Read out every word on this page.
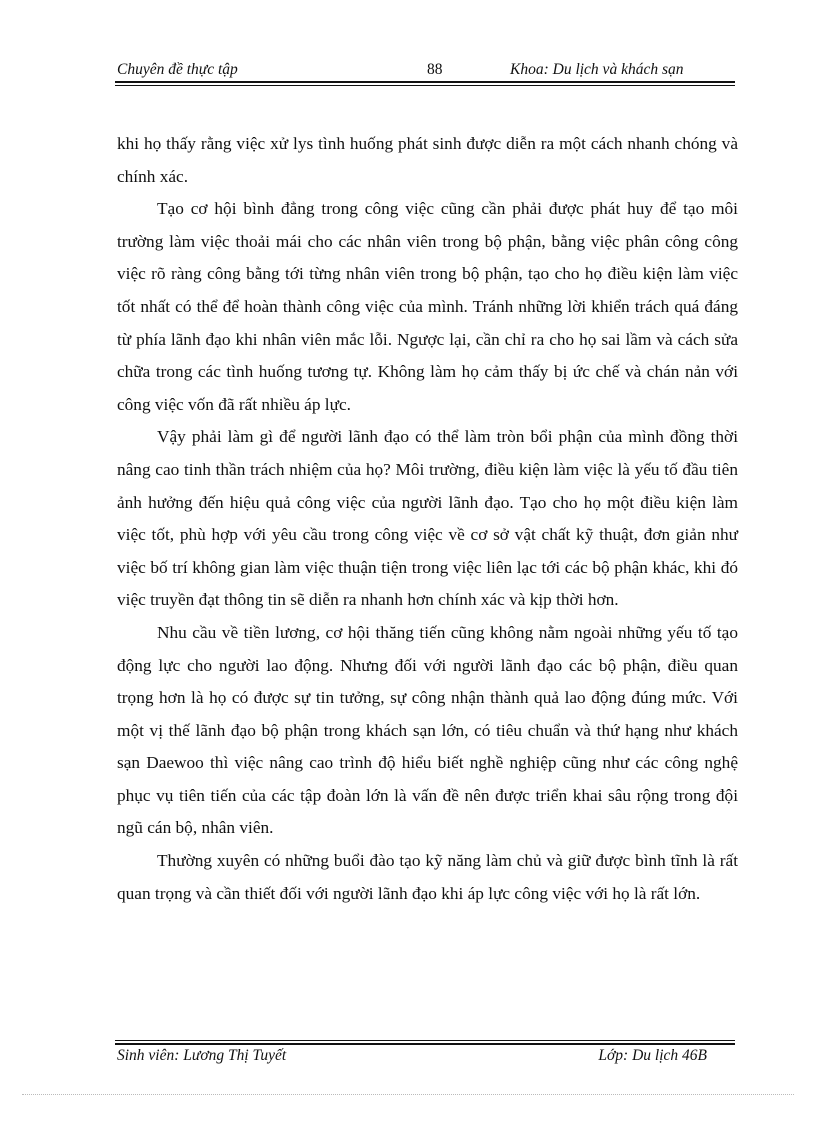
Chuyên đề thực tập	88	Khoa: Du lịch và khách sạn

khi họ thấy rằng việc xử lys tình huống phát sinh được diễn ra một cách nhanh chóng và chính xác.

Tạo cơ hội bình đẳng trong công việc cũng cần phải được phát huy để tạo môi trường làm việc thoải mái cho các nhân viên trong bộ phận, bằng việc phân công công việc rõ ràng công bằng tới từng nhân viên trong bộ phận, tạo cho họ điều kiện làm việc tốt nhất có thể để hoàn thành công việc của mình. Tránh những lời khiển trách quá đáng từ phía lãnh đạo khi nhân viên mắc lỗi. Ngược lại, cần chỉ ra cho họ sai lầm và cách sửa chữa trong các tình huống tương tự. Không làm họ cảm thấy bị ức chế và chán nản với công việc vốn đã rất nhiều áp lực.

Vậy phải làm gì để người lãnh đạo có thể làm tròn bổi phận của mình đồng thời nâng cao tinh thần trách nhiệm của họ? Môi trường, điều kiện làm việc là yếu tố đầu tiên ảnh hưởng đến hiệu quả công việc của người lãnh đạo. Tạo cho họ một điều kiện làm việc tốt, phù hợp với yêu cầu trong công việc về cơ sở vật chất kỹ thuật, đơn giản như việc bố trí không gian làm việc thuận tiện trong việc liên lạc tới các bộ phận khác, khi đó việc truyền đạt thông tin sẽ diễn ra nhanh hơn chính xác và kịp thời hơn.

Nhu cầu về tiền lương, cơ hội thăng tiến cũng không nằm ngoài những yếu tố tạo động lực cho người lao động. Nhưng đối với người lãnh đạo các bộ phận, điều quan trọng hơn là họ có được sự tin tưởng, sự công nhận thành quả lao động đúng mức. Với một vị thế lãnh đạo bộ phận trong khách sạn lớn, có tiêu chuẩn và thứ hạng như khách sạn Daewoo thì việc nâng cao trình độ hiểu biết nghề nghiệp cũng như các công nghệ phục vụ tiên tiến của các tập đoàn lớn là vấn đề nên được triển khai sâu rộng trong đội ngũ cán bộ, nhân viên.

Thường xuyên có những buổi đào tạo kỹ năng làm chủ và giữ được bình tĩnh là rất quan trọng và cần thiết đối với người lãnh đạo khi áp lực công việc với họ là rất lớn.

Sinh viên: Lương Thị Tuyết	Lớp: Du lịch 46B
